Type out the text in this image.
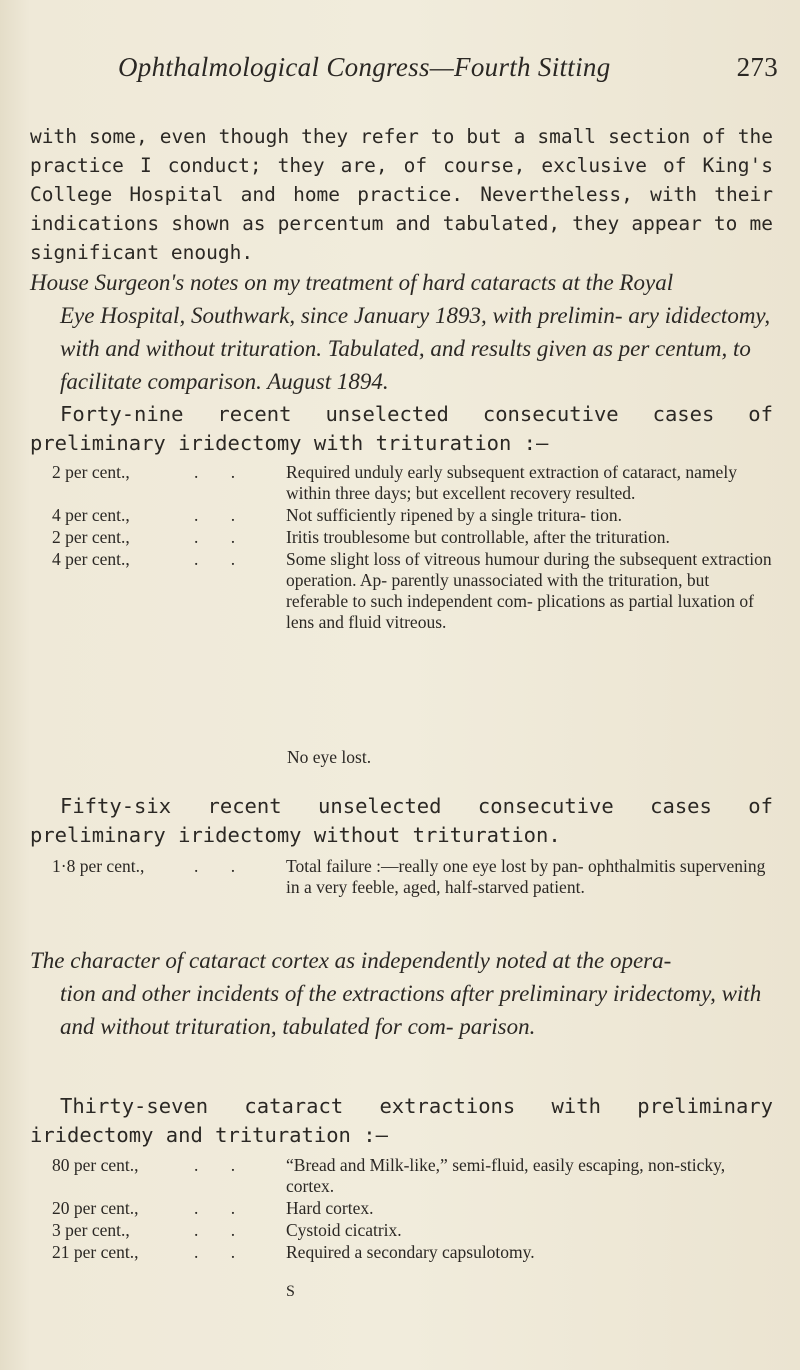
Ophthalmological Congress—Fourth Sitting	273
with some, even though they refer to but a small section of the practice I conduct; they are, of course, exclusive of King's College Hospital and home practice. Nevertheless, with their indications shown as percentum and tabulated, they appear to me significant enough.
House Surgeon's notes on my treatment of hard cataracts at the Royal
Eye Hospital, Southwark, since January 1893, with prelimin- ary ididectomy, with and without trituration. Tabulated, and results given as per centum, to facilitate comparison. August 1894.
Forty-nine recent unselected consecutive cases of preliminary iridectomy with trituration :—
2 per cent.,	. .	Required unduly early subsequent extraction of cataract, namely within three days; but excellent recovery resulted.
4 per cent.,	. .	Not sufficiently ripened by a single tritura- tion.
2 per cent.,	. .	Iritis troublesome but controllable, after the trituration.
4 per cent.,	. .	Some slight loss of vitreous humour during the subsequent extraction operation. Ap- parently unassociated with the trituration, but referable to such independent com- plications as partial luxation of lens and fluid vitreous.
No eye lost.
Fifty-six recent unselected consecutive cases of preliminary iridectomy without trituration.
1·8 per cent.,	. .	Total failure :—really one eye lost by pan- ophthalmitis supervening in a very feeble, aged, half-starved patient.
The character of cataract cortex as independently noted at the opera-
tion and other incidents of the extractions after preliminary iridectomy, with and without trituration, tabulated for com- parison.
Thirty-seven cataract extractions with preliminary iridectomy and trituration :—
80 per cent.,	. .	“Bread and Milk-like,” semi-fluid, easily escaping, non-sticky, cortex.
20 per cent.,	. .	Hard cortex.
3 per cent.,	. .	Cystoid cicatrix.
21 per cent.,	. .	Required a secondary capsulotomy.
S
